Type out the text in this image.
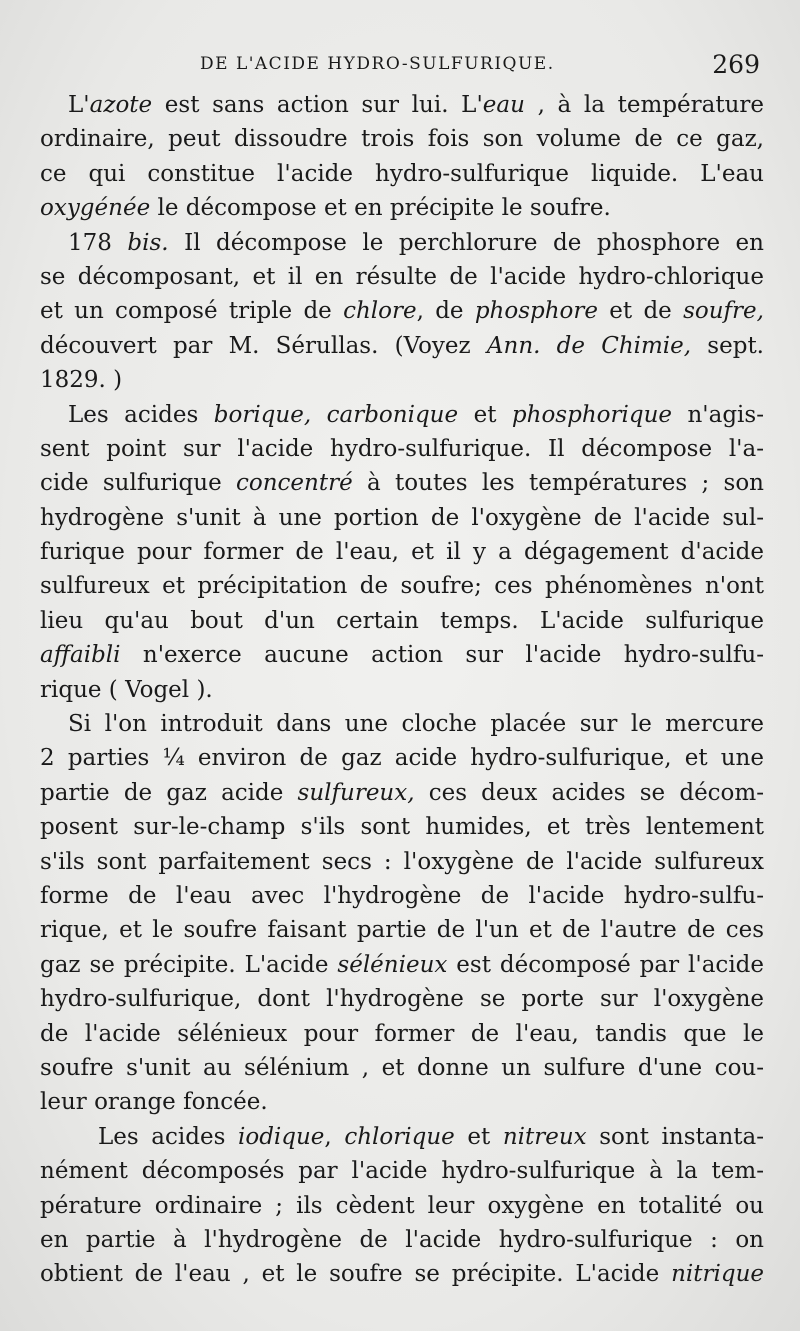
DE L'ACIDE HYDRO-SULFURIQUE.	269
L'azote est sans action sur lui. L'eau , à la température
ordinaire, peut dissoudre trois fois son volume de ce gaz,
ce qui constitue l'acide hydro-sulfurique liquide. L'eau
oxygénée le décompose et en précipite le soufre.
178 bis. Il décompose le perchlorure de phosphore en
se décomposant, et il en résulte de l'acide hydro-chlorique
et un composé triple de chlore, de phosphore et de soufre,
découvert par M. Sérullas. (Voyez Ann. de Chimie, sept.
1829. )
Les acides borique, carbonique et phosphorique n'agis-
sent point sur l'acide hydro-sulfurique. Il décompose l'a-
cide sulfurique concentré à toutes les températures ; son
hydrogène s'unit à une portion de l'oxygène de l'acide sul-
furique pour former de l'eau, et il y a dégagement d'acide
sulfureux et précipitation de soufre; ces phénomènes n'ont
lieu qu'au bout d'un certain temps. L'acide sulfurique
affaibli n'exerce aucune action sur l'acide hydro-sulfu-
rique ( Vogel ).
Si l'on introduit dans une cloche placée sur le mercure
2 parties ¼ environ de gaz acide hydro-sulfurique, et une
partie de gaz acide sulfureux, ces deux acides se décom-
posent sur-le-champ s'ils sont humides, et très lentement
s'ils sont parfaitement secs : l'oxygène de l'acide sulfureux
forme de l'eau avec l'hydrogène de l'acide hydro-sulfu-
rique, et le soufre faisant partie de l'un et de l'autre de ces
gaz se précipite. L'acide sélénieux est décomposé par l'acide
hydro-sulfurique, dont l'hydrogène se porte sur l'oxygène
de l'acide sélénieux pour former de l'eau, tandis que le
soufre s'unit au sélénium , et donne un sulfure d'une cou-
leur orange foncée.
Les acides iodique, chlorique et nitreux sont instanta-
nément décomposés par l'acide hydro-sulfurique à la tem-
pérature ordinaire ; ils cèdent leur oxygène en totalité ou
en partie à l'hydrogène de l'acide hydro-sulfurique : on
obtient de l'eau , et le soufre se précipite. L'acide nitrique
